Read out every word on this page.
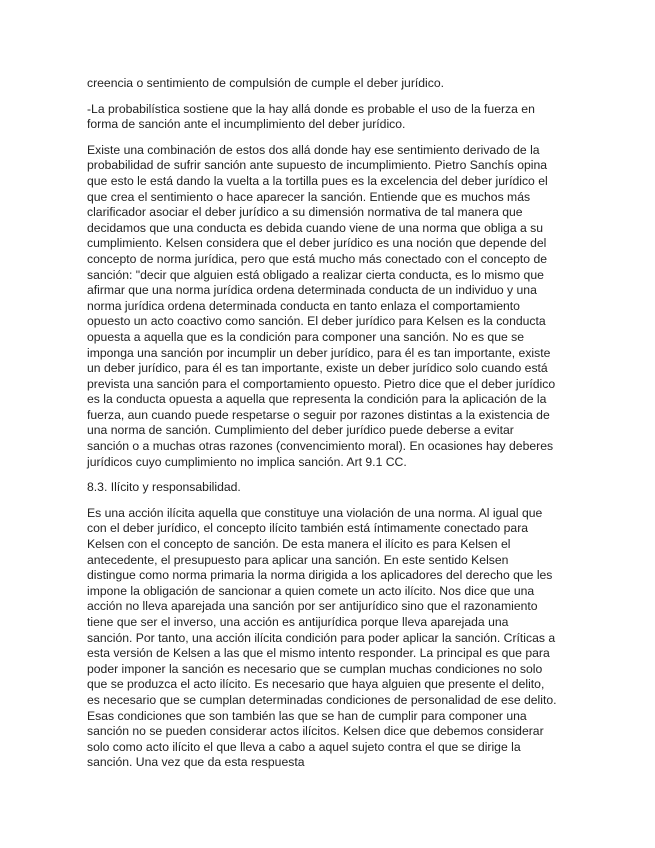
creencia o sentimiento de compulsión de cumple el deber jurídico.

-La probabilística sostiene que la hay allá donde es probable el uso de la fuerza en forma de sanción ante el incumplimiento del deber jurídico.

Existe una combinación de estos dos allá donde hay ese sentimiento derivado de la probabilidad de sufrir sanción ante supuesto de incumplimiento. Pietro Sanchís opina que esto le está dando la vuelta a la tortilla pues es la excelencia del deber jurídico el que crea el sentimiento o hace aparecer la sanción. Entiende que es muchos más clarificador asociar el deber jurídico a su dimensión normativa de tal manera que decidamos que una conducta es debida cuando viene de una norma que obliga a su cumplimiento. Kelsen considera que el deber jurídico es una noción que depende del concepto de norma jurídica, pero que está mucho más conectado con el concepto de sanción: "decir que alguien está obligado a realizar cierta conducta, es lo mismo que afirmar que una norma jurídica ordena determinada conducta de un individuo y una norma jurídica ordena determinada conducta en tanto enlaza el comportamiento opuesto un acto coactivo como sanción. El deber jurídico para Kelsen es la conducta opuesta a aquella que es la condición para componer una sanción. No es que se imponga una sanción por incumplir un deber jurídico, para él es tan importante, existe un deber jurídico, para él es tan importante, existe un deber jurídico solo cuando está prevista una sanción para el comportamiento opuesto. Pietro dice que el deber jurídico es la conducta opuesta a aquella que representa la condición para la aplicación de la fuerza, aun cuando puede respetarse o seguir por razones distintas a la existencia de una norma de sanción. Cumplimiento del deber jurídico puede deberse a evitar sanción o a muchas otras razones (convencimiento moral). En ocasiones hay deberes jurídicos cuyo cumplimiento no implica sanción. Art 9.1 CC.

8.3. Ilícito y responsabilidad.

Es una acción ilícita aquella que constituye una violación de una norma. Al igual que con el deber jurídico, el concepto ilícito también está íntimamente conectado para Kelsen con el concepto de sanción. De esta manera el ilícito es para Kelsen el antecedente, el presupuesto para aplicar una sanción. En este sentido Kelsen distingue como norma primaria la norma dirigida a los aplicadores del derecho que les impone la obligación de sancionar a quien comete un acto ilícito. Nos dice que una acción no lleva aparejada una sanción por ser antijurídico sino que el razonamiento tiene que ser el inverso, una acción es antijurídica porque lleva aparejada una sanción. Por tanto, una acción ilícita condición para poder aplicar la sanción. Críticas a esta versión de Kelsen a las que el mismo intento responder. La principal es que para poder imponer la sanción es necesario que se cumplan muchas condiciones no solo que se produzca el acto ilícito. Es necesario que haya alguien que presente el delito, es necesario que se cumplan determinadas condiciones de personalidad de ese delito. Esas condiciones que son también las que se han de cumplir para componer una sanción no se pueden considerar actos ilícitos. Kelsen dice que debemos considerar solo como acto ilícito el que lleva a cabo a aquel sujeto contra el que se dirige la sanción. Una vez que da esta respuesta
